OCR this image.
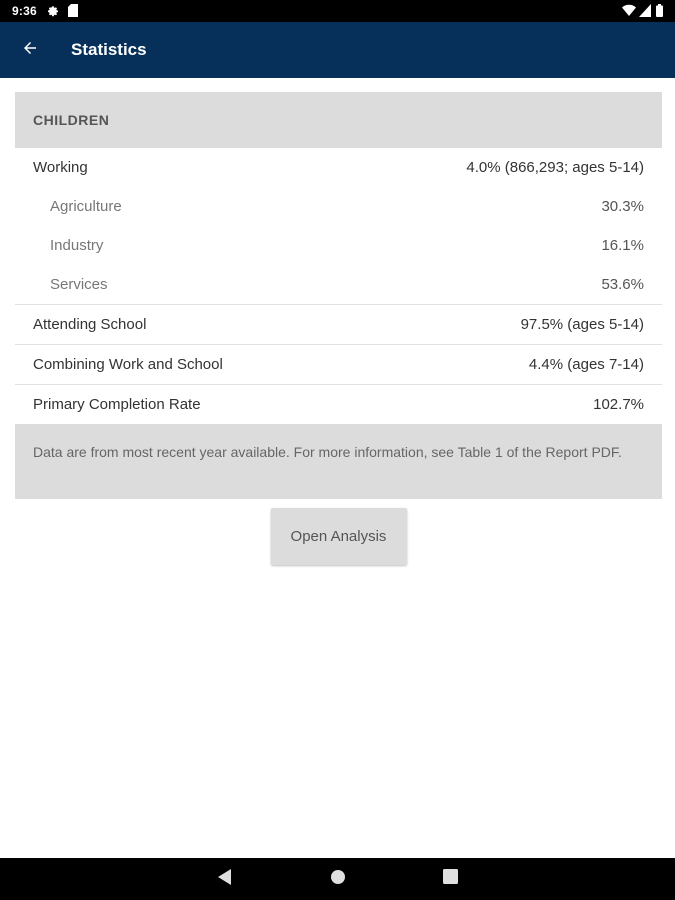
9:36
Statistics
CHILDREN
Working	4.0% (866,293; ages 5-14)
Agriculture	30.3%
Industry	16.1%
Services	53.6%
Attending School	97.5% (ages 5-14)
Combining Work and School	4.4% (ages 7-14)
Primary Completion Rate	102.7%
Data are from most recent year available. For more information, see Table 1 of the Report PDF.
Open Analysis
